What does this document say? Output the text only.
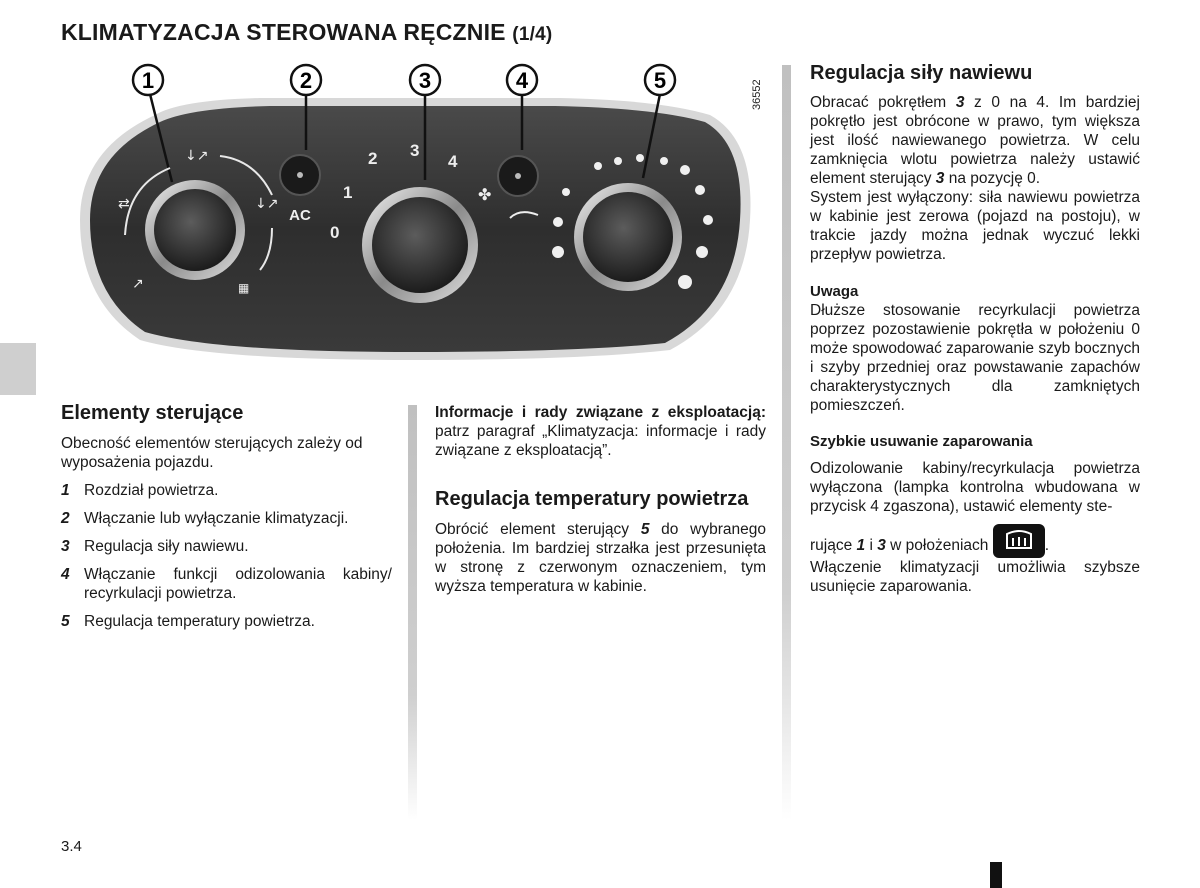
KLIMATYZACJA STEROWANA RĘCZNIE (1/4)
1	2	3	4	5	36552
⇄
↓↗
↓↗
↗	▦
AC
0
1
2 3
4
✤

Elementy sterujące

Obecność elementów sterujących zależy od wyposażenia pojazdu.

1 Rozdział powietrza.
2 Włączanie lub wyłączanie klimatyzacji.
3 Regulacja siły nawiewu.
4 Włączanie funkcji odizolowania kabiny/ recyrkulacji powietrza.
5 Regulacja temperatury powietrza.

Informacje i rady związane z eksploatacją: patrz paragraf „Klimatyzacja: informacje i rady związane z eksploatacją”.

Regulacja temperatury powietrza

Obrócić element sterujący 5 do wybranego położenia. Im bardziej strzałka jest przesunięta w stronę z czerwonym oznaczeniem, tym wyższa temperatura w kabinie.

Regulacja siły nawiewu

Obracać pokrętłem 3 z 0 na 4. Im bardziej pokrętło jest obrócone w prawo, tym większa jest ilość nawiewanego powietrza. W celu zamknięcia wlotu powietrza należy ustawić element sterujący 3 na pozycję 0.

System jest wyłączony: siła nawiewu powietrza w kabinie jest zerowa (pojazd na postoju), w trakcie jazdy można jednak wyczuć lekki przepływ powietrza.

Uwaga

Dłuższe stosowanie recyrkulacji powietrza poprzez pozostawienie pokrętła w położeniu 0 może spowodować zaparowanie szyb bocznych i szyby przedniej oraz powstawanie zapachów charakterystycznych dla zamkniętych pomieszczeń.

Szybkie usuwanie zaparowania

Odizolowanie kabiny/recyrkulacja powietrza wyłączona (lampka kontrolna wbudowana w przycisk 4 zgaszona), ustawić elementy ste-

rujące 1 i 3 w położeniach	.

Włączenie klimatyzacji umożliwia szybsze usunięcie zaparowania.

3.4
